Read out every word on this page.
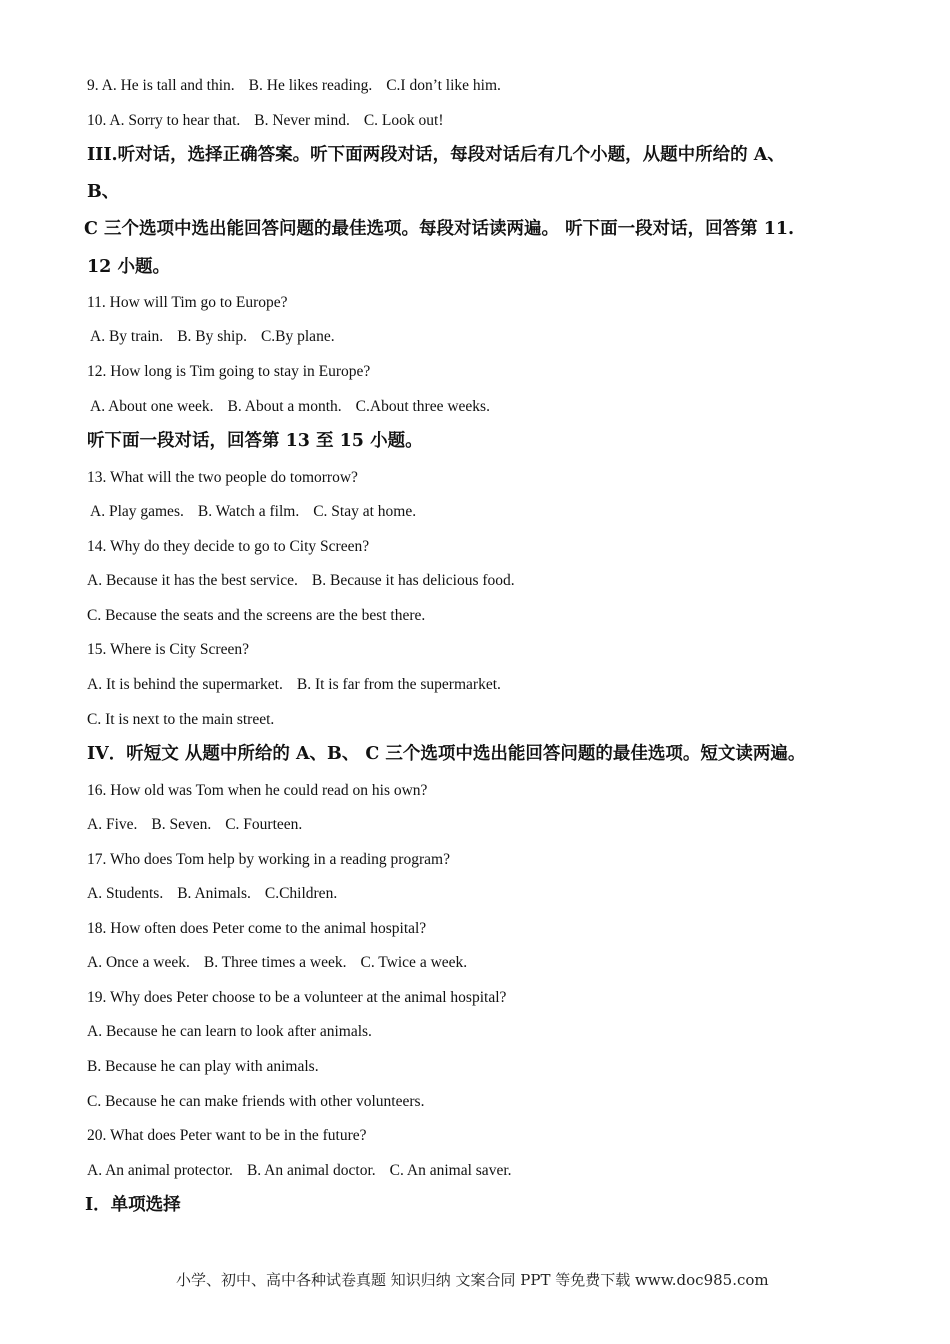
9. A. He is tall and thin. B. He likes reading. C.I don’t like him.
10. A. Sorry to hear that. B. Never mind. C. Look out!
III.听对话，选择正确答案。听下面两段对话，每段对话后有几个小题，从题中所给的 A、
B、
C 三个选项中选出能回答问题的最佳选项。每段对话读两遍。 听下面一段对话，回答第 11.
12 小题。
11. How will Tim go to Europe?
A. By train. B. By ship. C.By plane.
12. How long is Tim going to stay in Europe?
A. About one week. B. About a month. C.About three weeks.
听下面一段对话，回答第 13 至 15 小题。
13. What will the two people do tomorrow?
A. Play games. B. Watch a film. C. Stay at home.
14. Why do they decide to go to City Screen?
A. Because it has the best service. B. Because it has delicious food.
C. Because the seats and the screens are the best there.
15. Where is City Screen?
A. It is behind the supermarket. B. It is far from the supermarket.
C. It is next to the main street.
IV．听短文 从题中所给的 A、B、 C 三个选项中选出能回答问题的最佳选项。短文读两遍。
16. How old was Tom when he could read on his own?
A. Five. B. Seven. C. Fourteen.
17. Who does Tom help by working in a reading program?
A. Students. B. Animals. C.Children.
18. How often does Peter come to the animal hospital?
A. Once a week. B. Three times a week. C. Twice a week.
19. Why does Peter choose to be a volunteer at the animal hospital?
A. Because he can learn to look after animals.
B. Because he can play with animals.
C. Because he can make friends with other volunteers.
20. What does Peter want to be in the future?
A. An animal protector. B. An animal doctor. C. An animal saver.
I．单项选择
小学、初中、高中各种试卷真题 知识归纳 文案合同 PPT 等免费下载 www.doc985.com
